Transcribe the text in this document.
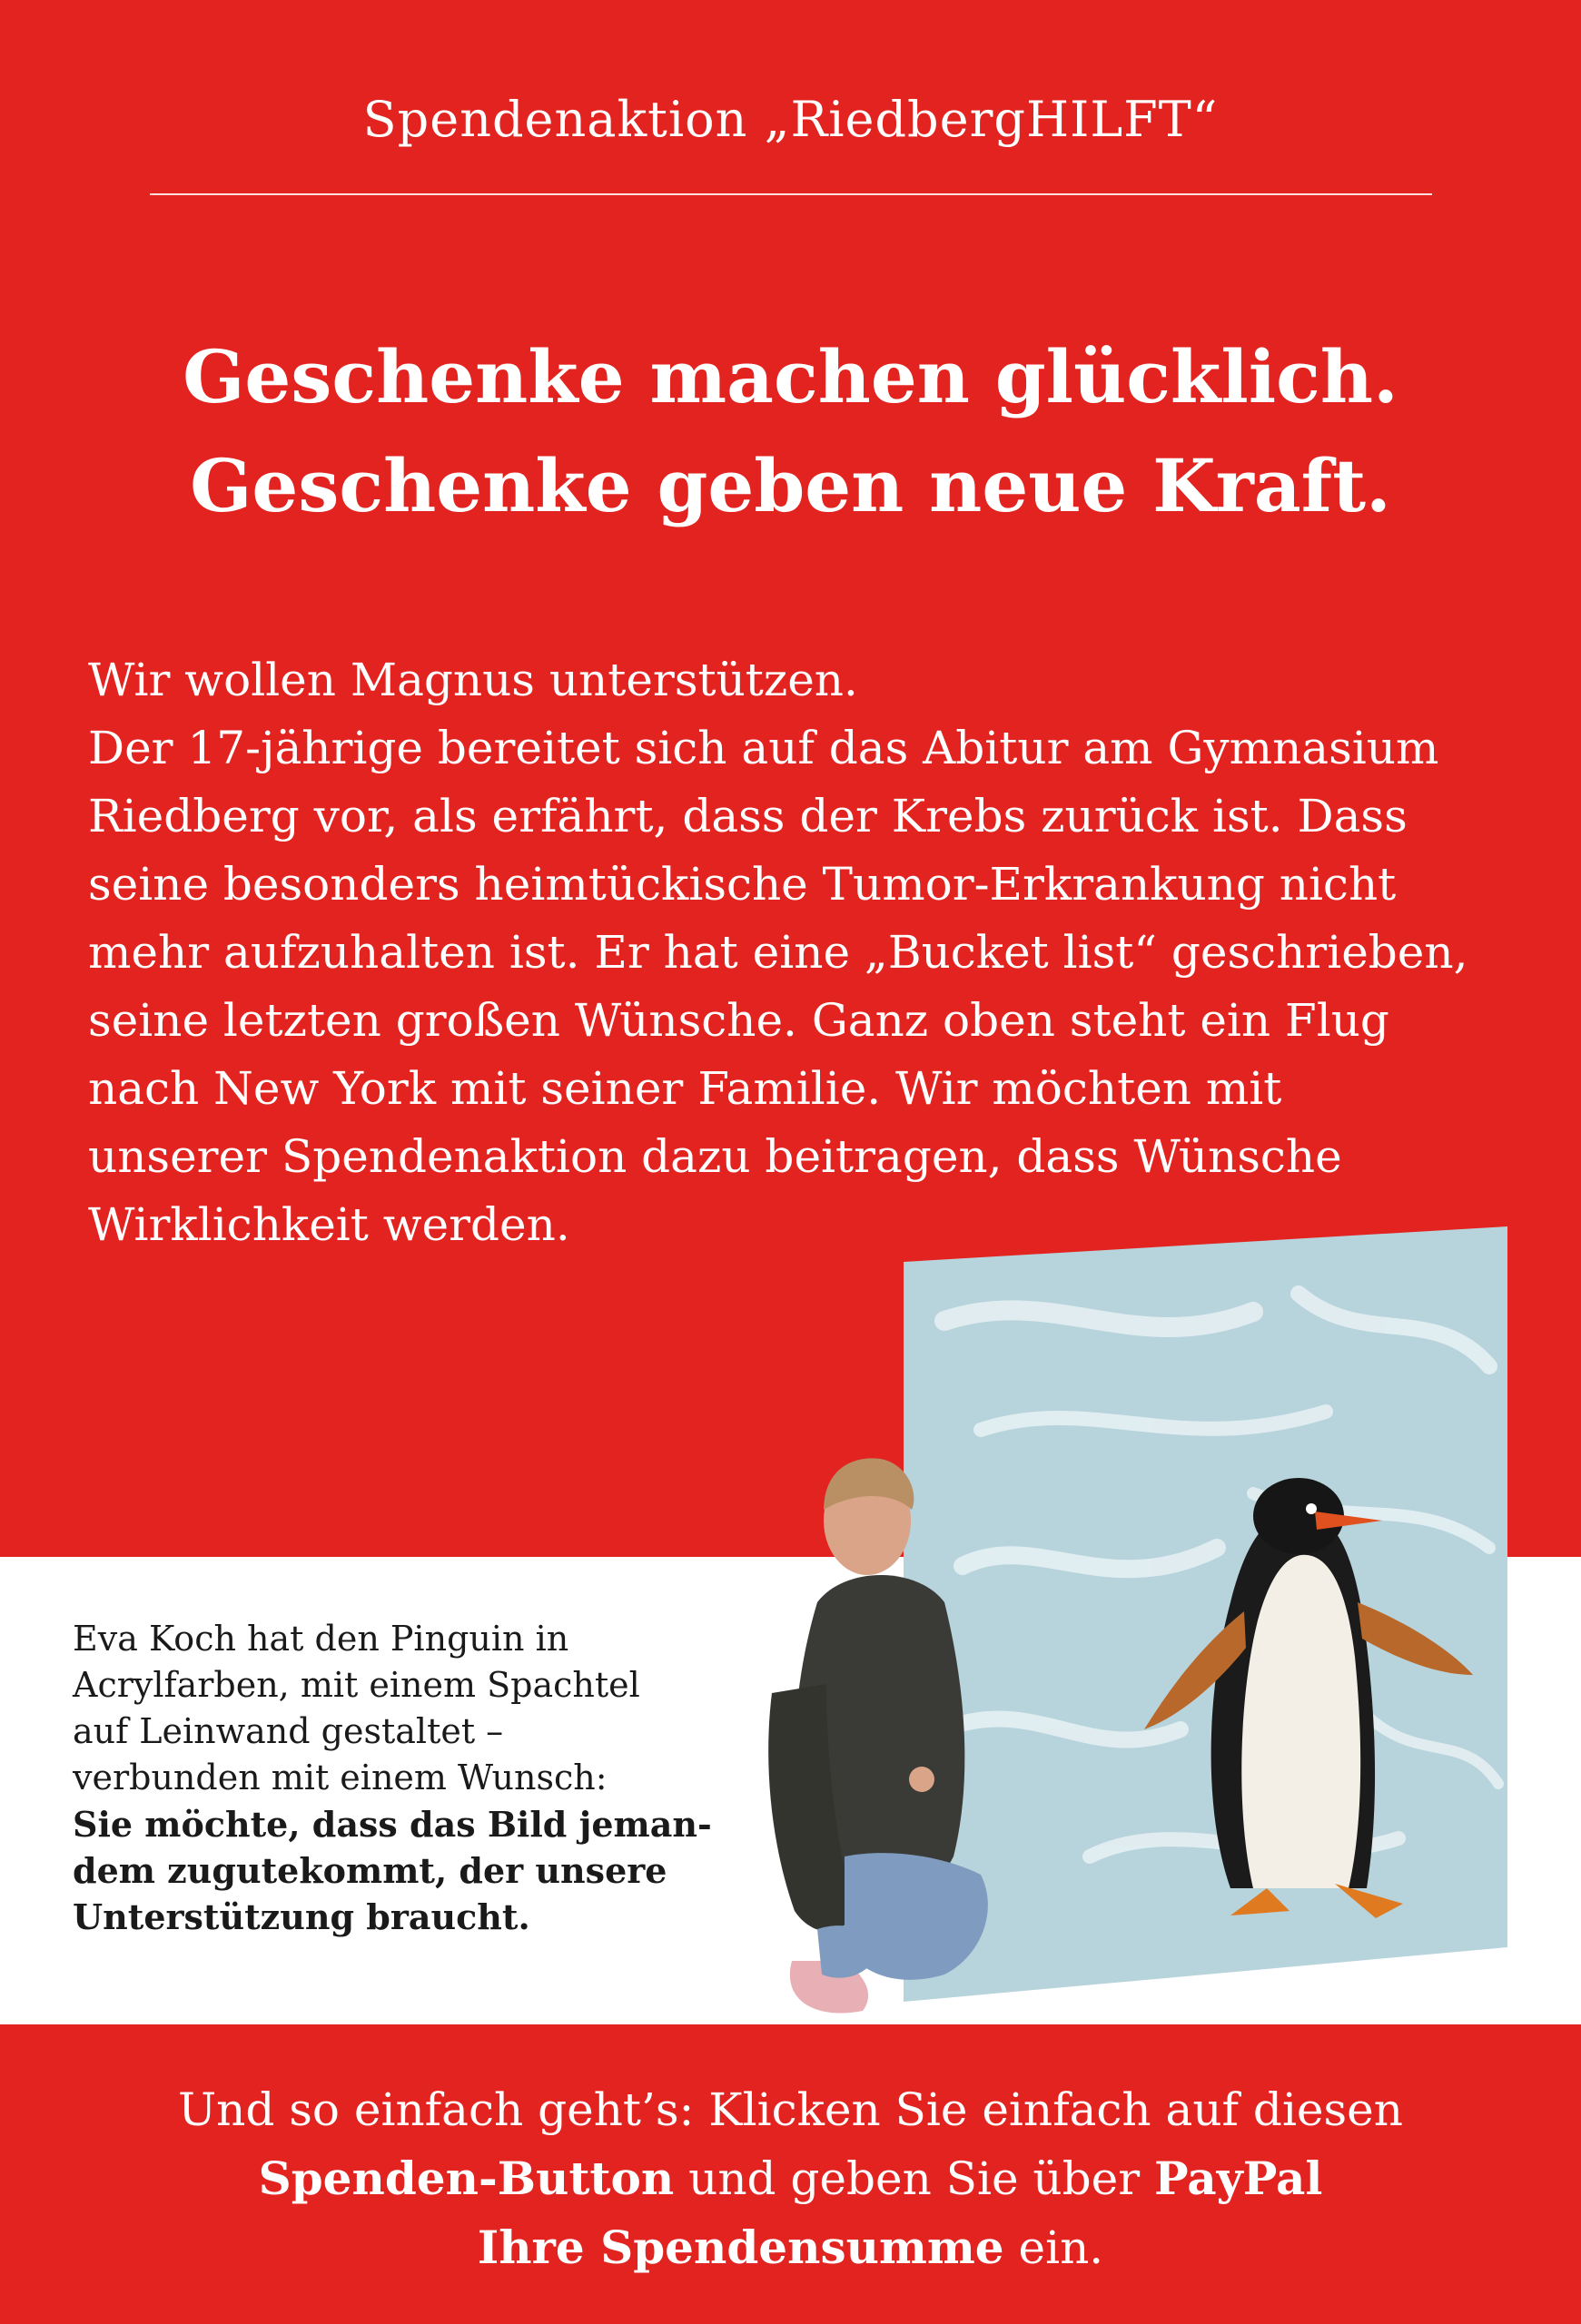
Spendenaktion „RiedbergHILFT“
Geschenke machen glücklich.
Geschenke geben neue Kraft.
Wir wollen Magnus unterstützen.
Der 17-jährige bereitet sich auf das Abitur am Gymnasium
Riedberg vor, als erfährt, dass der Krebs zurück ist. Dass
seine besonders heimtückische Tumor-Erkrankung nicht
mehr aufzuhalten ist. Er hat eine „Bucket list“ geschrieben,
seine letzten großen Wünsche. Ganz oben steht ein Flug
nach New York mit seiner Familie. Wir möchten mit
unserer Spendenaktion dazu beitragen, dass Wünsche
Wirklichkeit werden.
Eva Koch hat den Pinguin in
Acrylfarben, mit einem Spachtel
auf Leinwand gestaltet –
verbunden mit einem Wunsch:
Sie möchte, dass das Bild jeman-
dem zugutekommt, der unsere
Unterstützung braucht.
Und so einfach geht’s: Klicken Sie einfach auf diesen
Spenden-Button und geben Sie über PayPal
Ihre Spendensumme ein.
